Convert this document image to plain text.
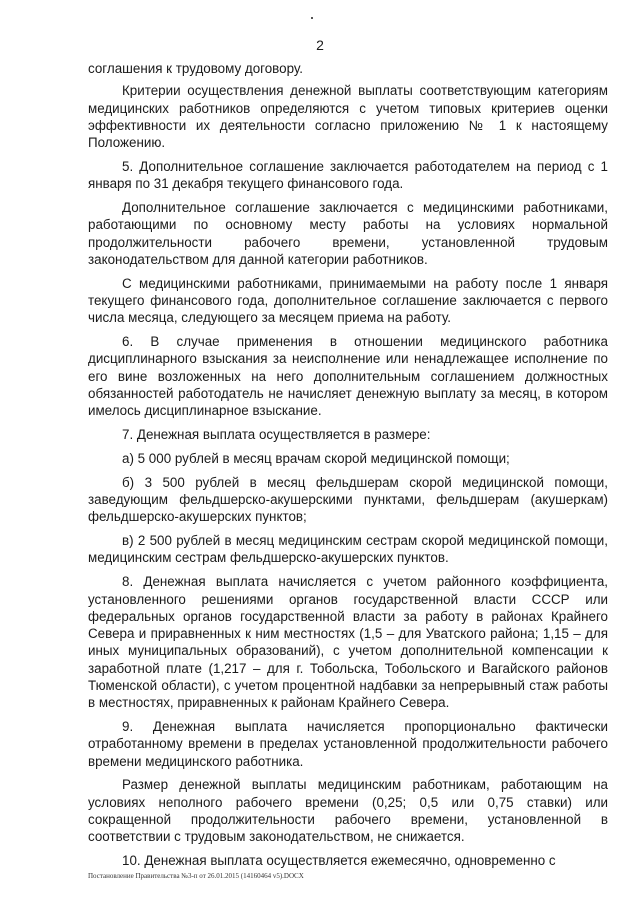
2

соглашения к трудовому договору.

Критерии осуществления денежной выплаты соответствующим категориям медицинских работников определяются с учетом типовых критериев оценки эффективности их деятельности согласно приложению № 1 к настоящему Положению.

5. Дополнительное соглашение заключается работодателем на период с 1 января по 31 декабря текущего финансового года.

Дополнительное соглашение заключается с медицинскими работниками, работающими по основному месту работы на условиях нормальной продолжительности рабочего времени, установленной трудовым законодательством для данной категории работников.

С медицинскими работниками, принимаемыми на работу после 1 января текущего финансового года, дополнительное соглашение заключается с первого числа месяца, следующего за месяцем приема на работу.

6. В случае применения в отношении медицинского работника дисциплинарного взыскания за неисполнение или ненадлежащее исполнение по его вине возложенных на него дополнительным соглашением должностных обязанностей работодатель не начисляет денежную выплату за месяц, в котором имелось дисциплинарное взыскание.

7. Денежная выплата осуществляется в размере:

а) 5 000 рублей в месяц врачам скорой медицинской помощи;

б) 3 500 рублей в месяц фельдшерам скорой медицинской помощи, заведующим фельдшерско-акушерскими пунктами, фельдшерам (акушеркам) фельдшерско-акушерских пунктов;

в) 2 500 рублей в месяц медицинским сестрам скорой медицинской помощи, медицинским сестрам фельдшерско-акушерских пунктов.

8. Денежная выплата начисляется с учетом районного коэффициента, установленного решениями органов государственной власти СССР или федеральных органов государственной власти за работу в районах Крайнего Севера и приравненных к ним местностях (1,5 – для Уватского района; 1,15 – для иных муниципальных образований), с учетом дополнительной компенсации к заработной плате (1,217 – для г. Тобольска, Тобольского и Вагайского районов Тюменской области), с учетом процентной надбавки за непрерывный стаж работы в местностях, приравненных к районам Крайнего Севера.

9. Денежная выплата начисляется пропорционально фактически отработанному времени в пределах установленной продолжительности рабочего времени медицинского работника.

Размер денежной выплаты медицинским работникам, работающим на условиях неполного рабочего времени (0,25; 0,5 или 0,75 ставки) или сокращенной продолжительности рабочего времени, установленной в соответствии с трудовым законодательством, не снижается.

10. Денежная выплата осуществляется ежемесячно, одновременно с

Постановление Правительства №3-п от 26.01.2015 (14160464 v5).DOCX
